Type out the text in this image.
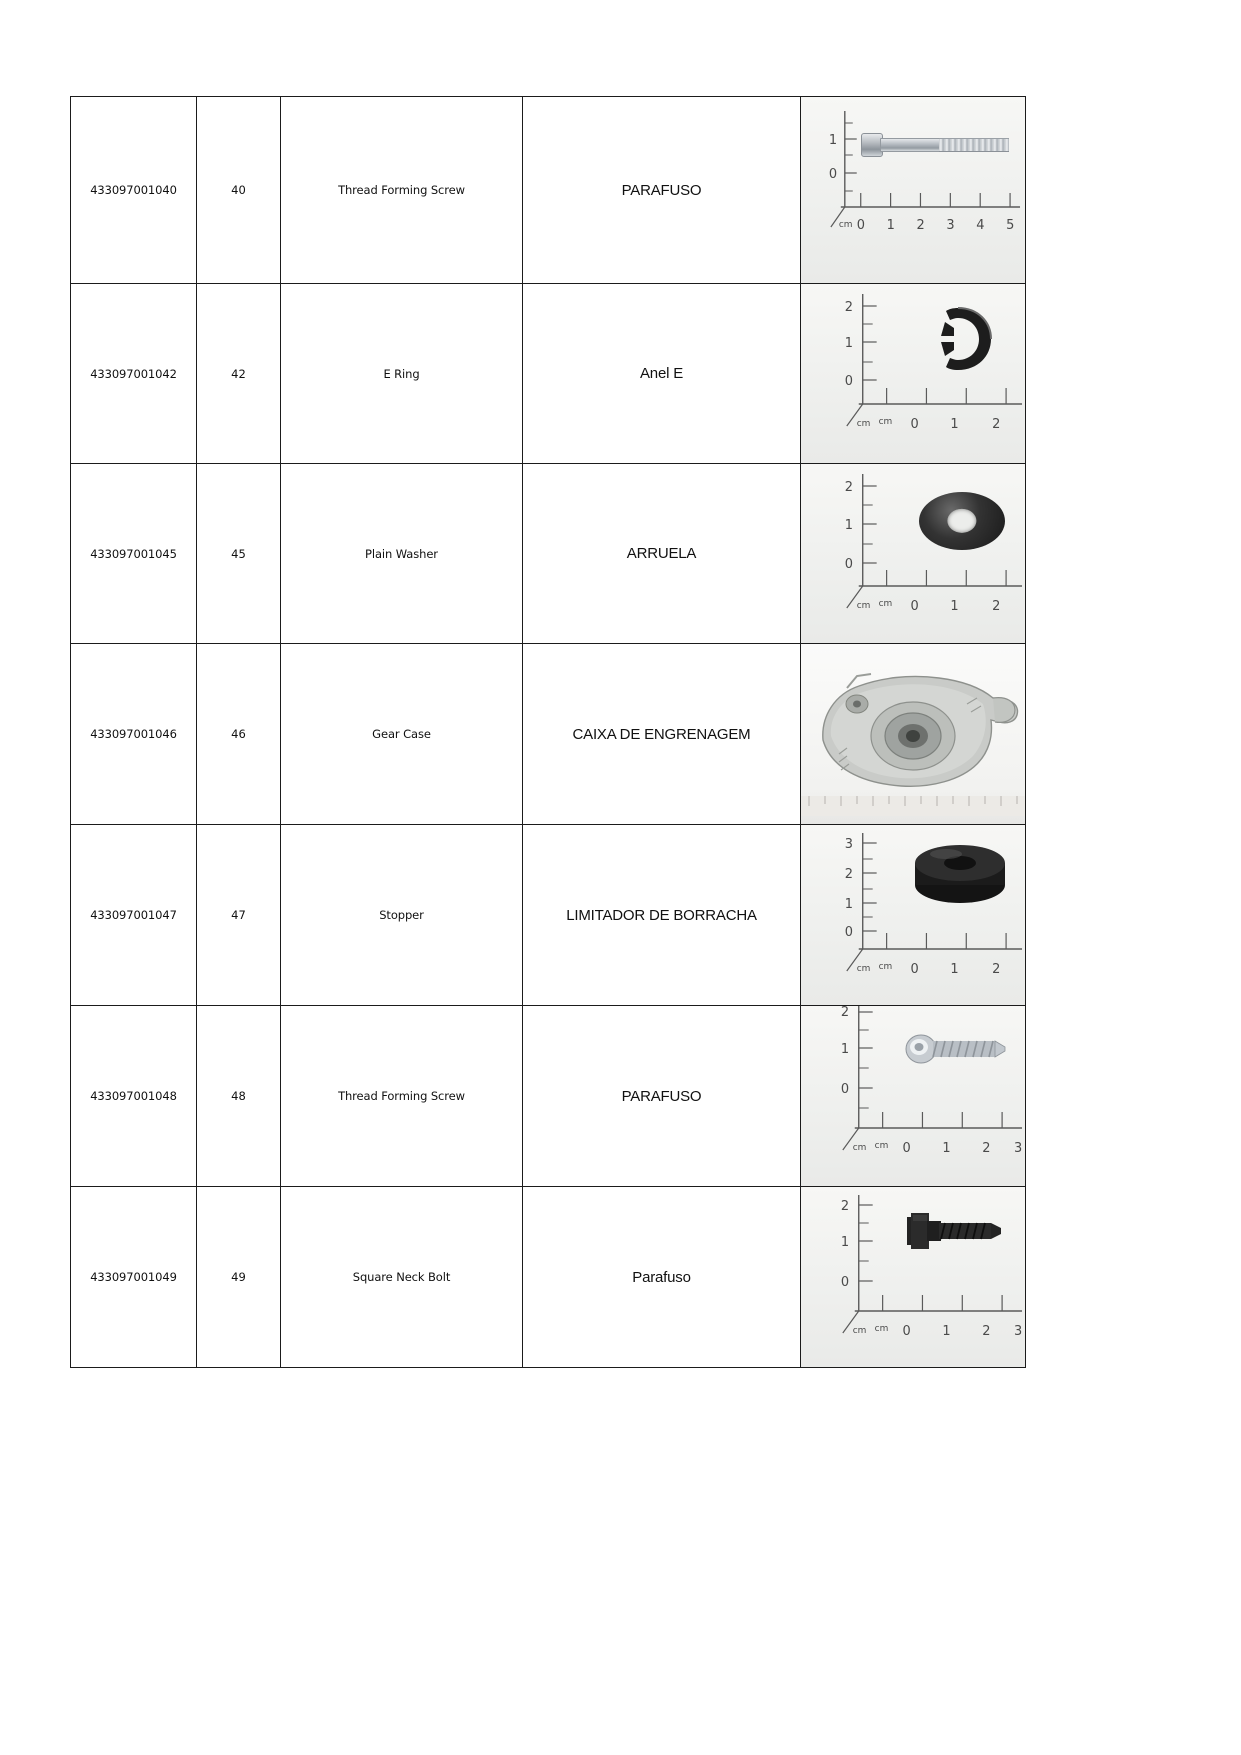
433097001040	40	Thread Forming Screw	PARAFUSO

1
0
cm 0 1 2 3 4 5

433097001042	42	E Ring	Anel E

2
1
0
cm cm 0 1	2

433097001045	45	Plain Washer	ARRUELA

2
1
0
cm cm 0 1	2

433097001046	46	Gear Case	CAIXA DE ENGRENAGEM

433097001047	47	Stopper	LIMITADOR DE BORRACHA

3
2
1
0
cm cm 0 1	2

433097001048	48	Thread Forming Screw	PARAFUSO

2
1
0
cm cm 0 1 2 3

433097001049	49	Square Neck Bolt	Parafuso

2
1
0
cm cm 0 1 2 3
